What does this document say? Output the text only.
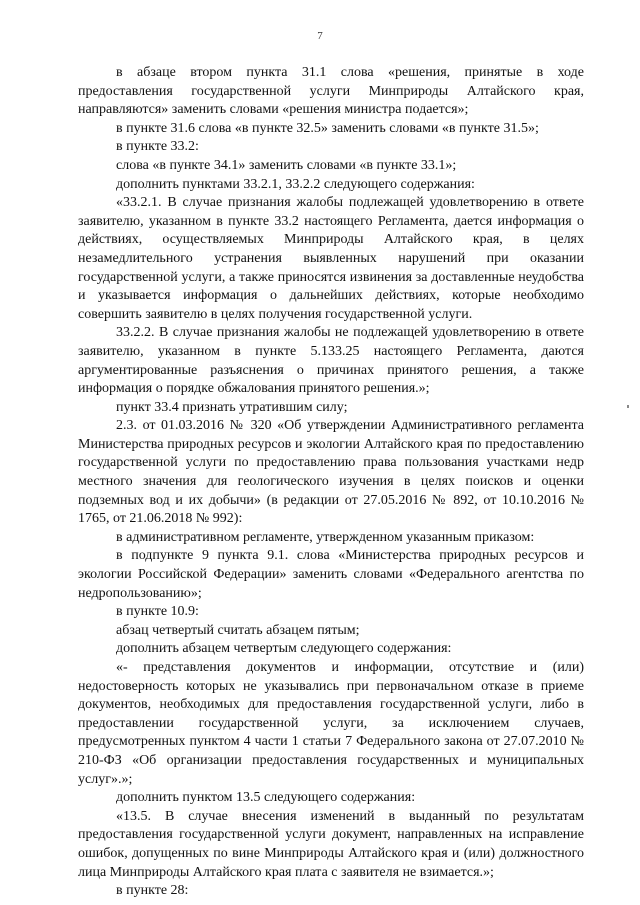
7

в абзаце втором пункта 31.1 слова «решения, принятые в ходе предоставления государственной услуги Минприроды Алтайского края, направляются» заменить словами «решения министра подается»;

в пункте 31.6 слова «в пункте 32.5» заменить словами «в пункте 31.5»;

в пункте 33.2:

слова «в пункте 34.1» заменить словами «в пункте 33.1»;

дополнить пунктами 33.2.1, 33.2.2 следующего содержания:

«33.2.1. В случае признания жалобы подлежащей удовлетворению в ответе заявителю, указанном в пункте 33.2 настоящего Регламента, дается информация о действиях, осуществляемых Минприроды Алтайского края, в целях незамедлительного устранения выявленных нарушений при оказании государственной услуги, а также приносятся извинения за доставленные неудобства и указывается информация о дальнейших действиях, которые необходимо совершить заявителю в целях получения государственной услуги.

33.2.2. В случае признания жалобы не подлежащей удовлетворению в ответе заявителю, указанном в пункте 5.133.25 настоящего Регламента, даются аргументированные разъяснения о причинах принятого решения, а также информация о порядке обжалования принятого решения.»;

пункт 33.4 признать утратившим силу;

2.3. от 01.03.2016 № 320 «Об утверждении Административного регламента Министерства природных ресурсов и экологии Алтайского края по предоставлению государственной услуги по предоставлению права пользования участками недр местного значения для геологического изучения в целях поисков и оценки подземных вод и их добычи» (в редакции от 27.05.2016 № 892, от 10.10.2016 № 1765, от 21.06.2018 № 992):

в административном регламенте, утвержденном указанным приказом:

в подпункте 9 пункта 9.1. слова «Министерства природных ресурсов и экологии Российской Федерации» заменить словами «Федерального агентства по недропользованию»;

в пункте 10.9:

абзац четвертый считать абзацем пятым;

дополнить абзацем четвертым следующего содержания:

«- представления документов и информации, отсутствие и (или) недостоверность которых не указывались при первоначальном отказе в приеме документов, необходимых для предоставления государственной услуги, либо в предоставлении государственной услуги, за исключением случаев, предусмотренных пунктом 4 части 1 статьи 7 Федерального закона от 27.07.2010 № 210-ФЗ «Об организации предоставления государственных и муниципальных услуг».»;

дополнить пунктом 13.5 следующего содержания:

«13.5. В случае внесения изменений в выданный по результатам предоставления государственной услуги документ, направленных на исправление ошибок, допущенных по вине Минприроды Алтайского края и (или) должностного лица Минприроды Алтайского края плата с заявителя не взимается.»;

в пункте 28:
